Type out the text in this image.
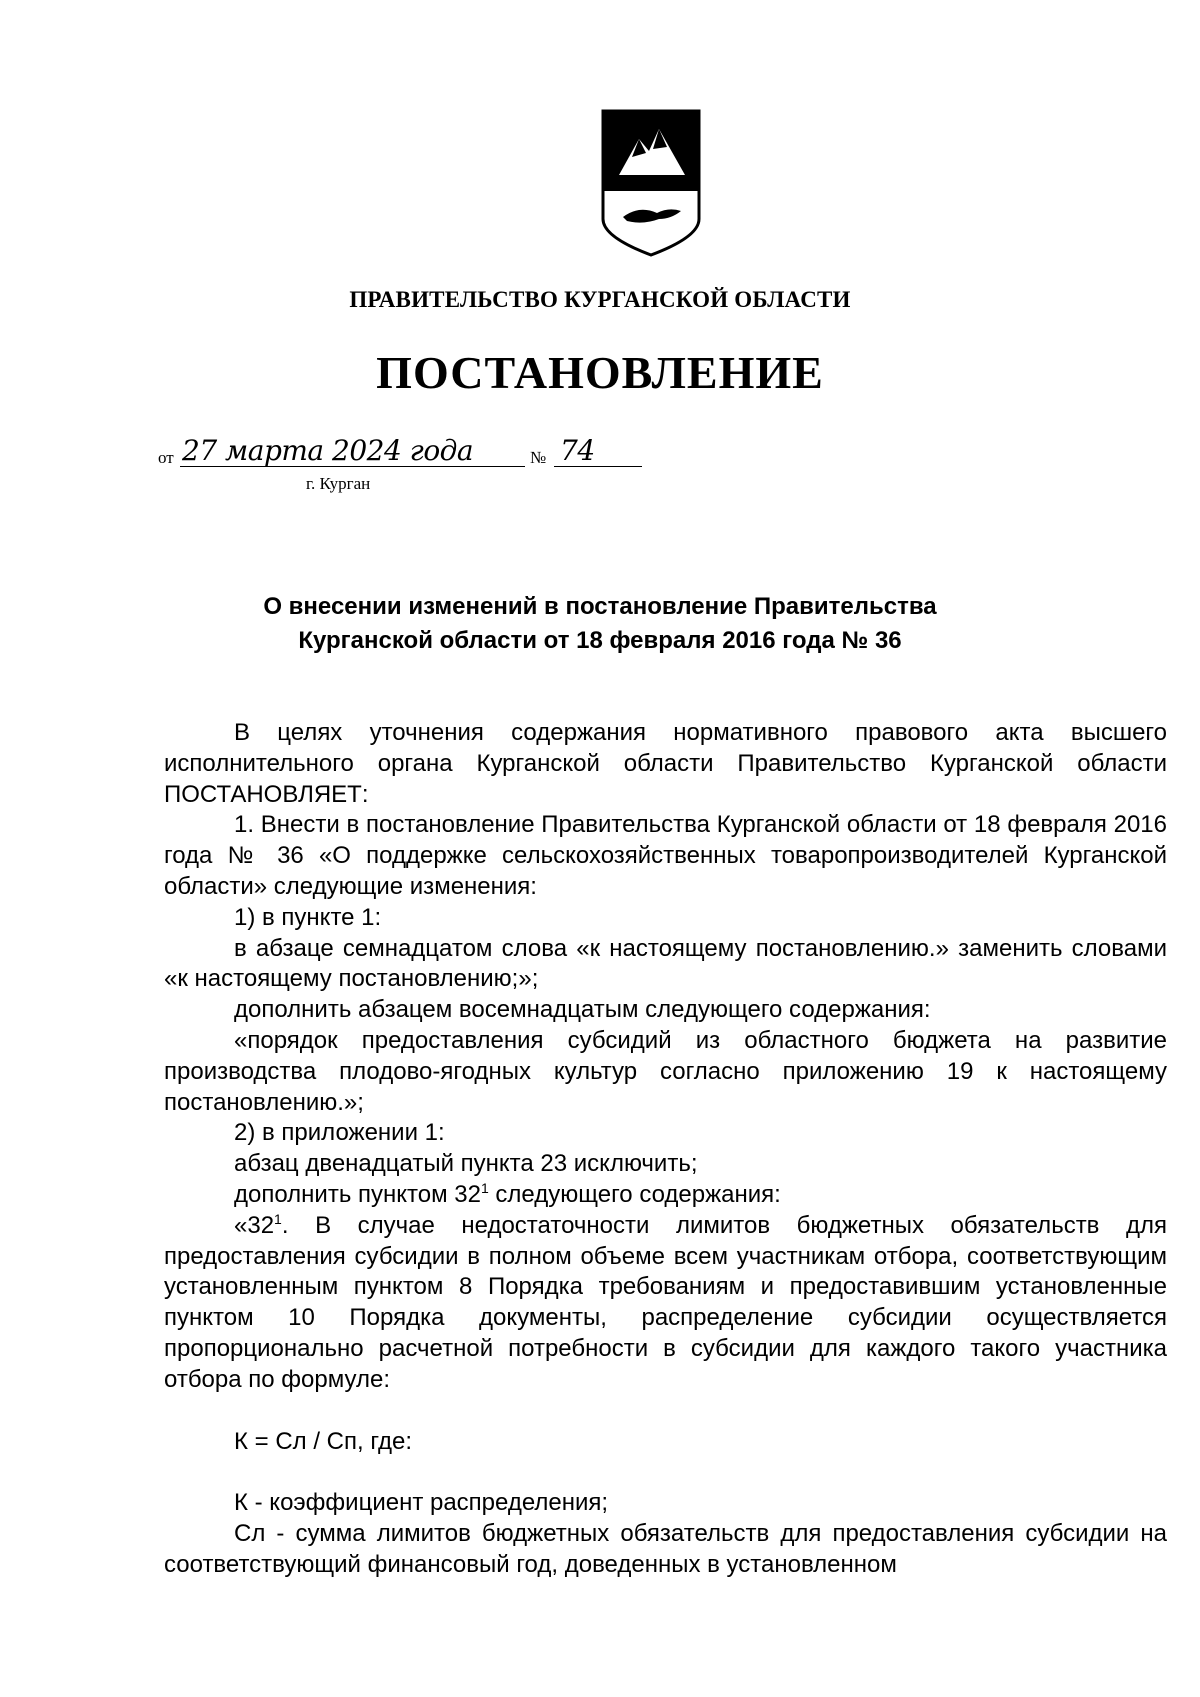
ПРАВИТЕЛЬСТВО КУРГАНСКОЙ ОБЛАСТИ
ПОСТАНОВЛЕНИЕ
от 27 марта 2024 года	№ 74
г. Курган
О внесении изменений в постановление Правительства
Курганской области от 18 февраля 2016 года № 36

В целях уточнения содержания нормативного правового акта высшего исполнительного органа Курганской области Правительство Курганской области ПОСТАНОВЛЯЕТ:

1. Внести в постановление Правительства Курганской области от 18 февраля 2016 года № 36 «О поддержке сельскохозяйственных товаропроизводителей Курганской области» следующие изменения:

1) в пункте 1:

в абзаце семнадцатом слова «к настоящему постановлению.» заменить словами «к настоящему постановлению;»;

дополнить абзацем восемнадцатым следующего содержания:

«порядок предоставления субсидий из областного бюджета на развитие производства плодово-ягодных культур согласно приложению 19 к настоящему постановлению.»;

2) в приложении 1:

абзац двенадцатый пункта 23 исключить;

дополнить пунктом $32^1$ следующего содержания:

«$32^1$. В случае недостаточности лимитов бюджетных обязательств для предоставления субсидии в полном объеме всем участникам отбора, соответствующим установленным пунктом 8 Порядка требованиям и предоставившим установленные пунктом 10 Порядка документы, распределение субсидии осуществляется пропорционально расчетной потребности в субсидии для каждого такого участника отбора по формуле:

К = Сл / Сп, где:

К - коэффициент распределения;

Сл - сумма лимитов бюджетных обязательств для предоставления субсидии на соответствующий финансовый год, доведенных в установленном
